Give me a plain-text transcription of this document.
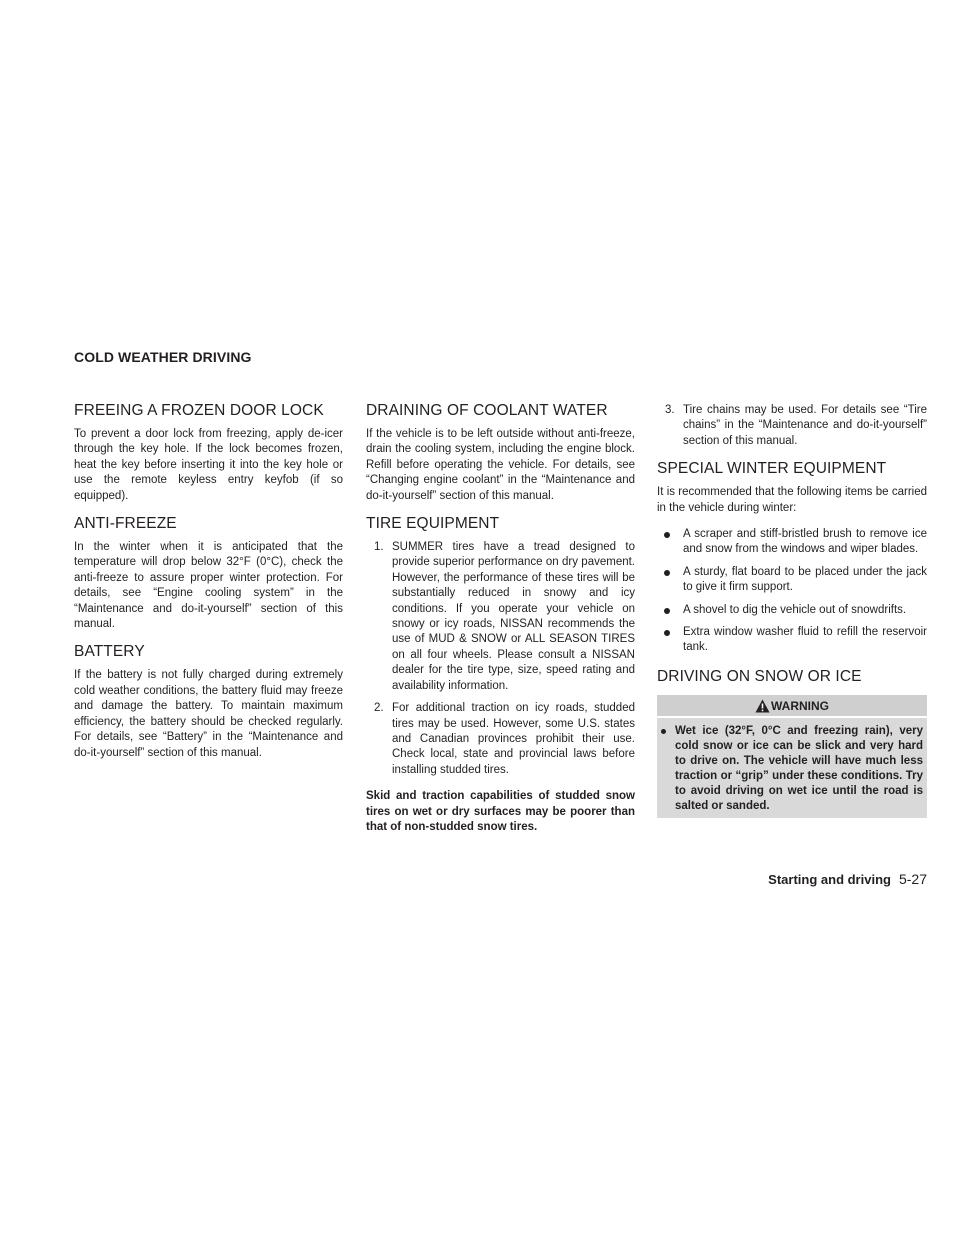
COLD WEATHER DRIVING
FREEING A FROZEN DOOR LOCK

To prevent a door lock from freezing, apply de-icer through the key hole. If the lock becomes frozen, heat the key before inserting it into the key hole or use the remote keyless entry keyfob (if so equipped).

ANTI-FREEZE

In the winter when it is anticipated that the temperature will drop below 32°F (0°C), check the anti-freeze to assure proper winter protection. For details, see “Engine cooling system” in the “Maintenance and do-it-yourself” section of this manual.

BATTERY

If the battery is not fully charged during extremely cold weather conditions, the battery fluid may freeze and damage the battery. To maintain maximum efficiency, the battery should be checked regularly. For details, see “Battery” in the “Maintenance and do-it-yourself” section of this manual.

DRAINING OF COOLANT WATER

If the vehicle is to be left outside without anti-freeze, drain the cooling system, including the engine block. Refill before operating the vehicle. For details, see “Changing engine coolant” in the “Maintenance and do-it-yourself” section of this manual.

TIRE EQUIPMENT
1. SUMMER tires have a tread designed to provide superior performance on dry pavement. However, the performance of these tires will be substantially reduced in snowy and icy conditions. If you operate your vehicle on snowy or icy roads, NISSAN recommends the use of MUD & SNOW or ALL SEASON TIRES on all four wheels. Please consult a NISSAN dealer for the tire type, size, speed rating and availability information.
2. For additional traction on icy roads, studded tires may be used. However, some U.S. states and Canadian provinces prohibit their use. Check local, state and provincial laws before installing studded tires.

Skid and traction capabilities of studded snow tires on wet or dry surfaces may be poorer than that of non-studded snow tires.

3. Tire chains may be used. For details see “Tire chains” in the “Maintenance and do-it-yourself” section of this manual.
SPECIAL WINTER EQUIPMENT

It is recommended that the following items be carried in the vehicle during winter:

A scraper and stiff-bristled brush to remove ice and snow from the windows and wiper blades.
A sturdy, flat board to be placed under the jack to give it firm support.
A shovel to dig the vehicle out of snowdrifts.
Extra window washer fluid to refill the reservoir tank.
DRIVING ON SNOW OR ICE
WARNING
Wet ice (32°F, 0°C and freezing rain), very cold snow or ice can be slick and very hard to drive on. The vehicle will have much less traction or “grip” under these conditions. Try to avoid driving on wet ice until the road is salted or sanded.
Starting and driving 5-27
